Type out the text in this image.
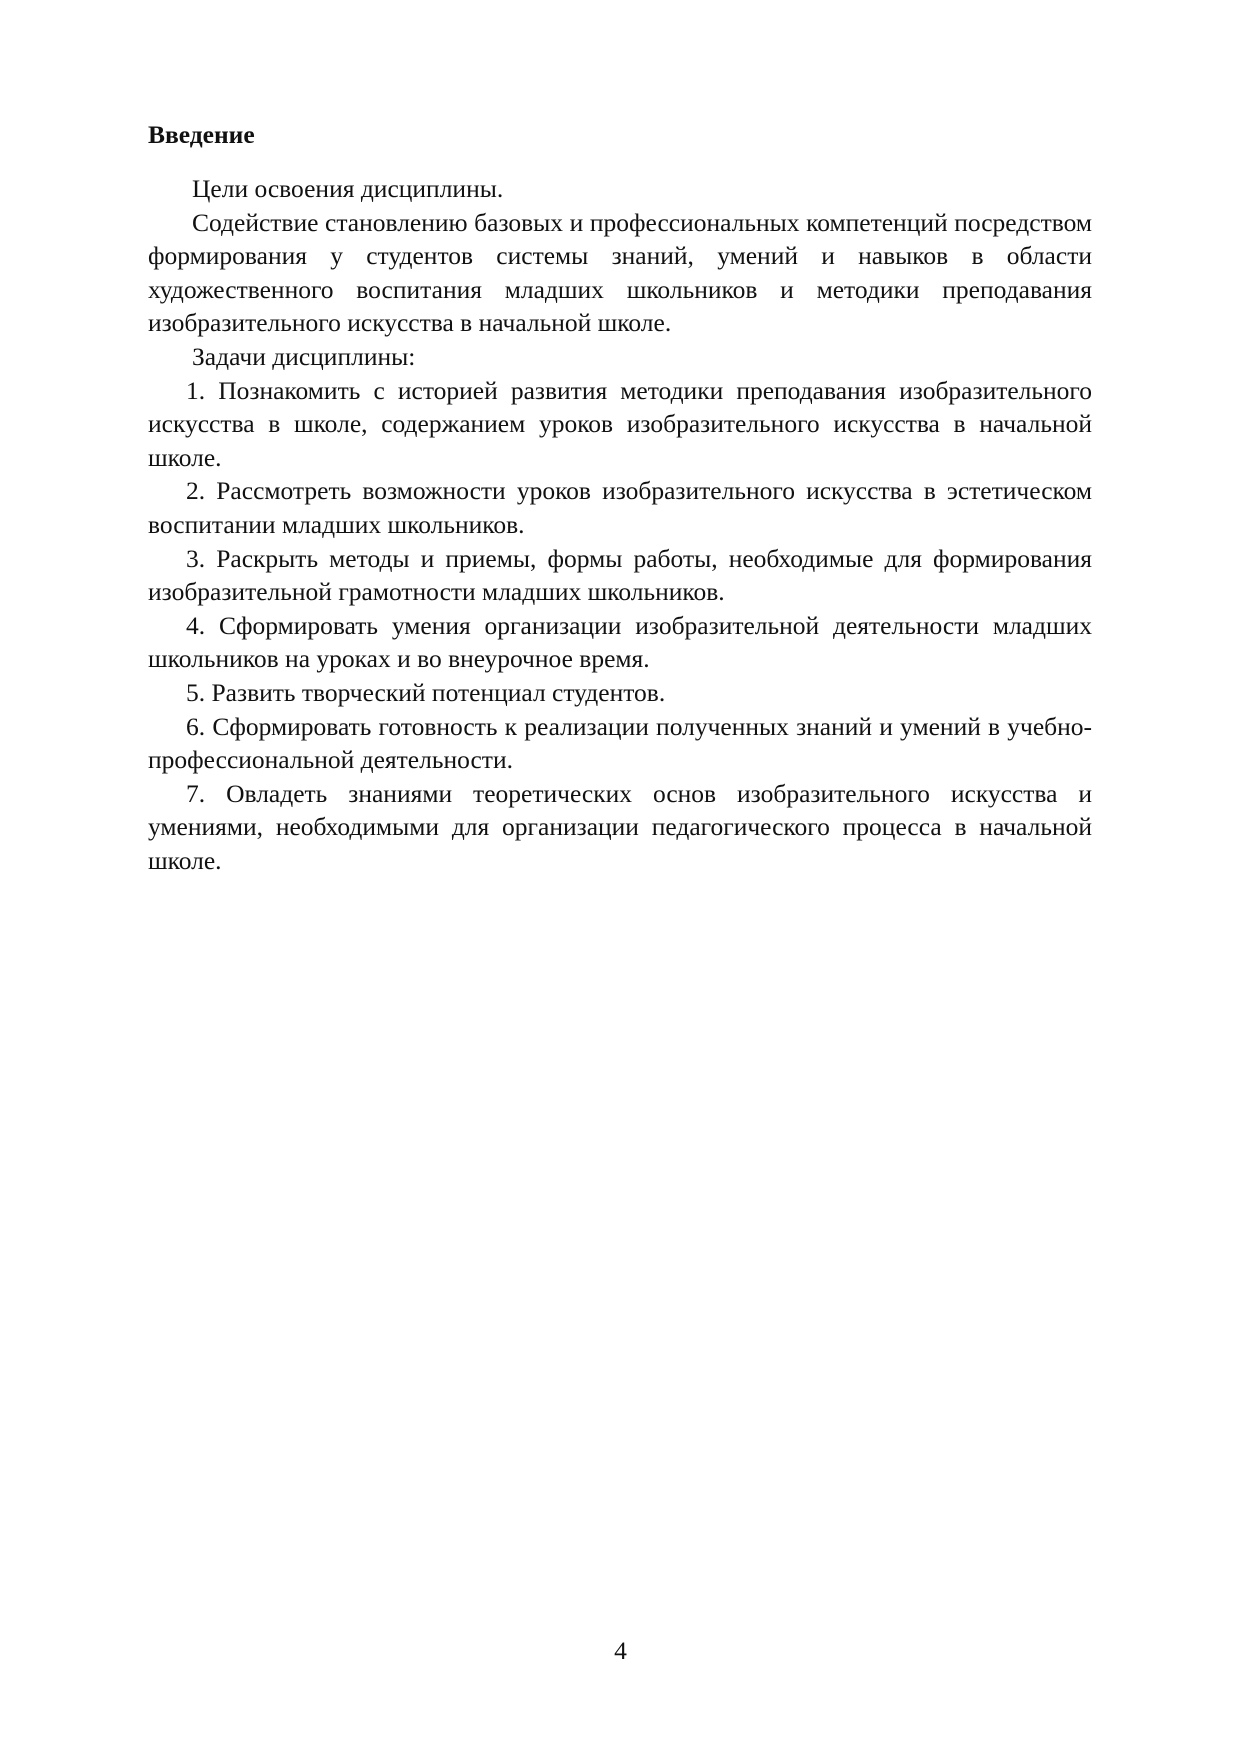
Введение

Цели освоения дисциплины.

Содействие становлению базовых и профессиональных компетенций посредством формирования у студентов системы знаний, умений и навыков в области художественного воспитания младших школьников и методики преподавания изобразительного искусства в начальной школе.

Задачи дисциплины:

1. Познакомить с историей развития методики преподавания изобразительного искусства в школе, содержанием уроков изобразительного искусства в начальной школе.
2. Рассмотреть возможности уроков изобразительного искусства в эстетическом воспитании младших школьников.
3. Раскрыть методы и приемы, формы работы, необходимые для формирования изобразительной грамотности младших школьников.
4. Сформировать умения организации изобразительной деятельности младших школьников на уроках и во внеурочное время.
5. Развить творческий потенциал студентов.
6. Сформировать готовность к реализации полученных знаний и умений в учебно-профессиональной деятельности.
7. Овладеть знаниями теоретических основ изобразительного искусства и умениями, необходимыми для организации педагогического процесса в начальной школе.
4
